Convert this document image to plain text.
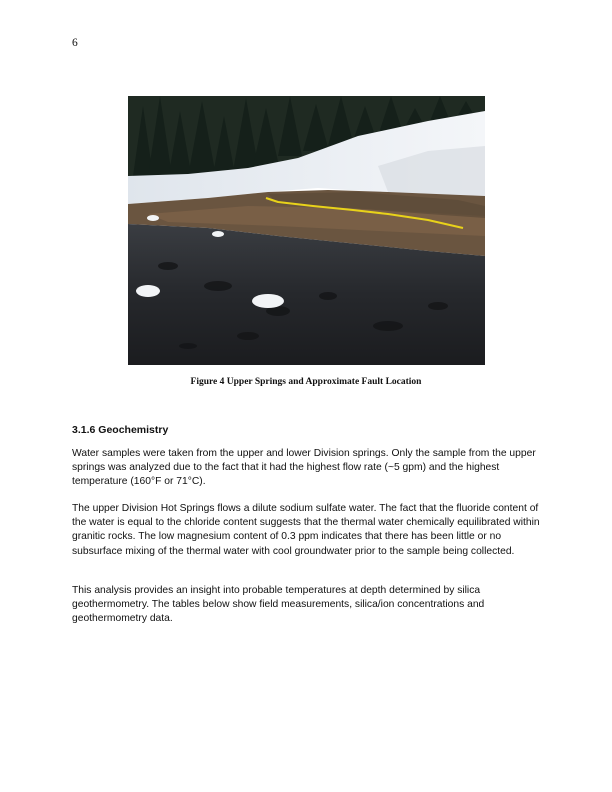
6
Figure 4 Upper Springs and Approximate Fault Location
3.1.6 Geochemistry

Water samples were taken from the upper and lower Division springs. Only the sample from the upper springs was analyzed due to the fact that it had the highest flow rate (~5 gpm) and the highest temperature (160°F or 71°C).

The upper Division Hot Springs flows a dilute sodium sulfate water. The fact that the fluoride content of the water is equal to the chloride content suggests that the thermal water chemically equilibrated within granitic rocks. The low magnesium content of 0.3 ppm indicates that there has been little or no subsurface mixing of the thermal water with cool groundwater prior to the sample being collected.

This analysis provides an insight into probable temperatures at depth determined by silica geothermometry. The tables below show field measurements, silica/ion concentrations and geothermometry data.
